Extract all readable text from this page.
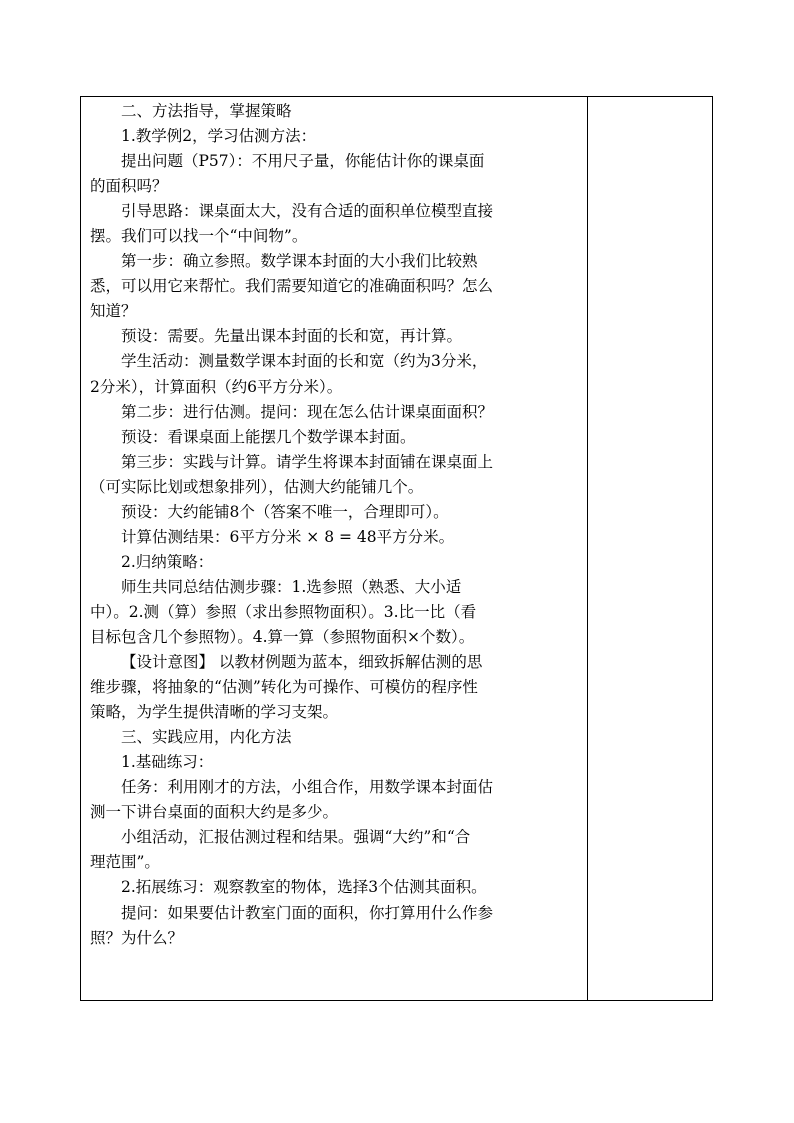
二、方法指导，掌握策略
1.教学例2，学习估测方法：
提出问题（P57）：不用尺子量，你能估计你的课桌面
的面积吗？
引导思路：课桌面太大，没有合适的面积单位模型直接
摆。我们可以找一个“中间物”。
第一步：确立参照。数学课本封面的大小我们比较熟
悉，可以用它来帮忙。我们需要知道它的准确面积吗？怎么
知道？
预设：需要。先量出课本封面的长和宽，再计算。
学生活动：测量数学课本封面的长和宽（约为3分米，
2分米），计算面积（约6平方分米）。
第二步：进行估测。提问：现在怎么估计课桌面面积？
预设：看课桌面上能摆几个数学课本封面。
第三步：实践与计算。请学生将课本封面铺在课桌面上
（可实际比划或想象排列），估测大约能铺几个。
预设：大约能铺8个（答案不唯一，合理即可）。
计算估测结果：6平方分米 × 8 = 48平方分米。
2.归纳策略：
师生共同总结估测步骤：1.选参照（熟悉、大小适
中）。2.测（算）参照（求出参照物面积）。3.比一比（看
目标包含几个参照物）。4.算一算（参照物面积×个数）。
【设计意图】 以教材例题为蓝本，细致拆解估测的思
维步骤，将抽象的“估测”转化为可操作、可模仿的程序性
策略，为学生提供清晰的学习支架。
三、实践应用，内化方法
1.基础练习：
任务：利用刚才的方法，小组合作，用数学课本封面估
测一下讲台桌面的面积大约是多少。
小组活动，汇报估测过程和结果。强调“大约”和“合
理范围”。
2.拓展练习：观察教室的物体，选择3个估测其面积。
提问：如果要估计教室门面的面积，你打算用什么作参
照？为什么？
